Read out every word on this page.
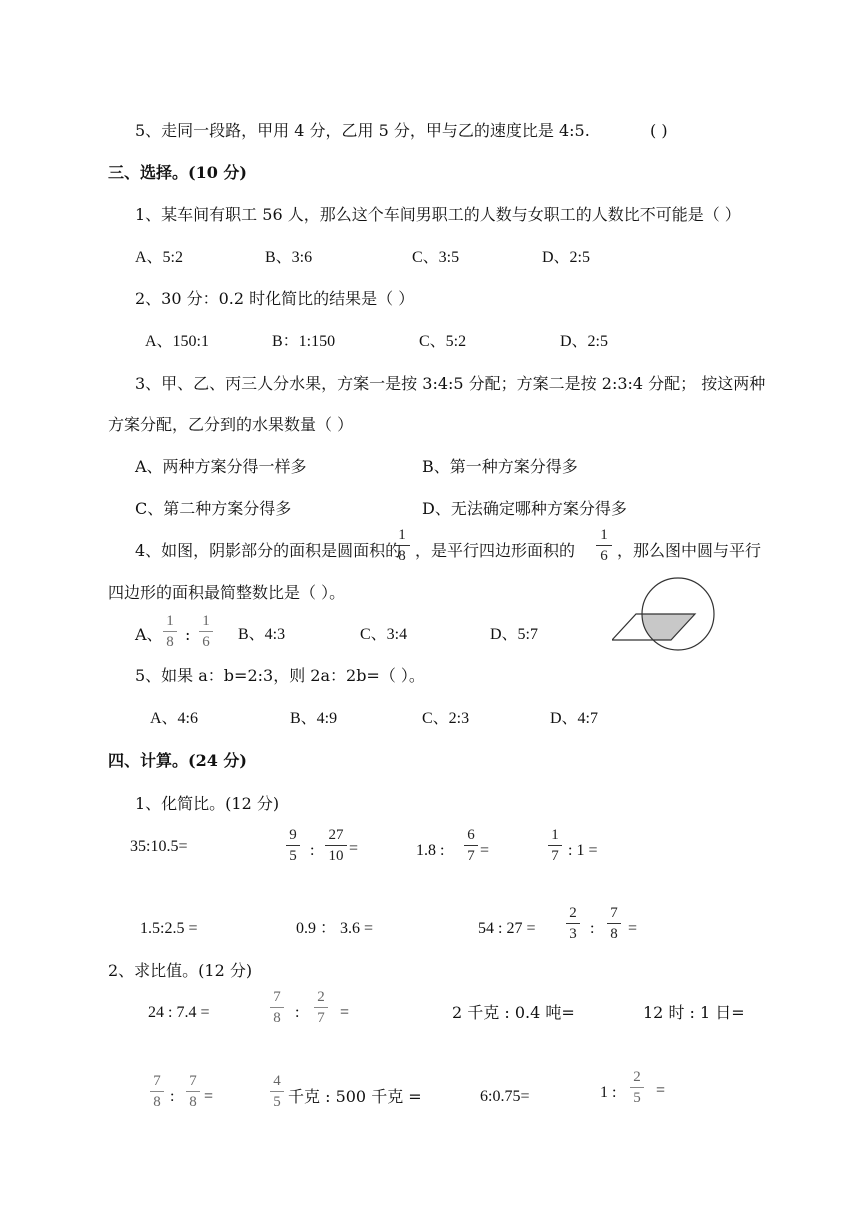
5、走同一段路，甲用 4 分，乙用 5 分，甲与乙的速度比是 4:5.	( )
三、选择。(10 分)
1、某车间有职工 56 人，那么这个车间男职工的人数与女职工的人数比不可能是（ ）
A、5:2	B、3:6	C、3:5	D、2:5
2、30 分：0.2 时化简比的结果是（ ）
A、150:1	B：1:150	C、5:2	D、2:5
3、甲、乙、丙三人分水果，方案一是按 3:4:5 分配；方案二是按 2:3:4 分配； 按这两种
方案分配，乙分到的水果数量（ ）
A、两种方案分得一样多	B、第一种方案分得多
C、第二种方案分得多	D、无法确定哪种方案分得多
4、如图，阴影部分的面积是圆面积的
1
8 ，是平行四边形面积的
1
6 ，那么图中圆与平行
四边形的面积最简整数比是（ ）。
A、
1
8 :
1
6 B、4:3	C、3:4	D、5:7
5、如果 a：b=2:3，则 2a：2b=（ ）。
A、4:6	B、4:9	C、2:3	D、4:7
四、计算。(24 分)
1、化简比。(12 分)
35:10.5=
9
5 :
27
10 =	1.8 :
6
7 =
1
7 : 1 =
1.5:2.5 =	0.9 ： 3.6 =	54 : 27 =
2
3 :
7
8 =
2、求比值。(12 分)
24 : 7.4 =
7
8 :
2
7 =	2 千克 : 0.4 吨=	12 时 : 1 日=
7
8 :
7
8 =
4
5 千克 : 500 千克 =	6:0.75=	1 :
2
5 =
